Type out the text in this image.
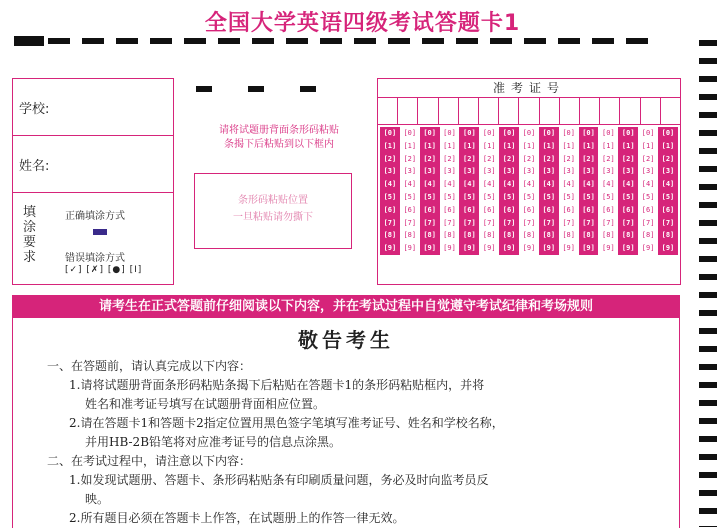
全国大学英语四级考试答题卡1
学校:
姓名:
填涂要求
正确填涂方式
错误填涂方式
[✓] [✗] [●] [I]
请将试题册背面条形码粘贴
条揭下后粘贴到以下框内
条形码粘贴位置
一旦粘贴请勿撕下
准考证号
[0]
[1]
[2]
[3]
[4]
[5]
[6]
[7]
[8]
[9]
[0]
[1]
[2]
[3]
[4]
[5]
[6]
[7]
[8]
[9]
[0]
[1]
[2]
[3]
[4]
[5]
[6]
[7]
[8]
[9]
[0]
[1]
[2]
[3]
[4]
[5]
[6]
[7]
[8]
[9]
[0]
[1]
[2]
[3]
[4]
[5]
[6]
[7]
[8]
[9]
[0]
[1]
[2]
[3]
[4]
[5]
[6]
[7]
[8]
[9]
[0]
[1]
[2]
[3]
[4]
[5]
[6]
[7]
[8]
[9]
[0]
[1]
[2]
[3]
[4]
[5]
[6]
[7]
[8]
[9]
[0]
[1]
[2]
[3]
[4]
[5]
[6]
[7]
[8]
[9]
[0]
[1]
[2]
[3]
[4]
[5]
[6]
[7]
[8]
[9]
[0]
[1]
[2]
[3]
[4]
[5]
[6]
[7]
[8]
[9]
[0]
[1]
[2]
[3]
[4]
[5]
[6]
[7]
[8]
[9]
[0]
[1]
[2]
[3]
[4]
[5]
[6]
[7]
[8]
[9]
[0]
[1]
[2]
[3]
[4]
[5]
[6]
[7]
[8]
[9]
[0]
[1]
[2]
[3]
[4]
[5]
[6]
[7]
[8]
[9]
请考生在正式答题前仔细阅读以下内容，并在考试过程中自觉遵守考试纪律和考场规则
敬告考生

一、在答题前，请认真完成以下内容：

1.请将试题册背面条形码粘贴条揭下后粘贴在答题卡1的条形码粘贴框内，并将

姓名和准考证号填写在试题册背面相应位置。

2.请在答题卡1和答题卡2指定位置用黑色签字笔填写准考证号、姓名和学校名称，

并用HB-2B铅笔将对应准考证号的信息点涂黑。

二、在考试过程中，请注意以下内容：

1.如发现试题册、答题卡、条形码粘贴条有印刷质量问题，务必及时向监考员反

映。

2.所有题目必须在答题卡上作答，在试题册上的作答一律无效。
